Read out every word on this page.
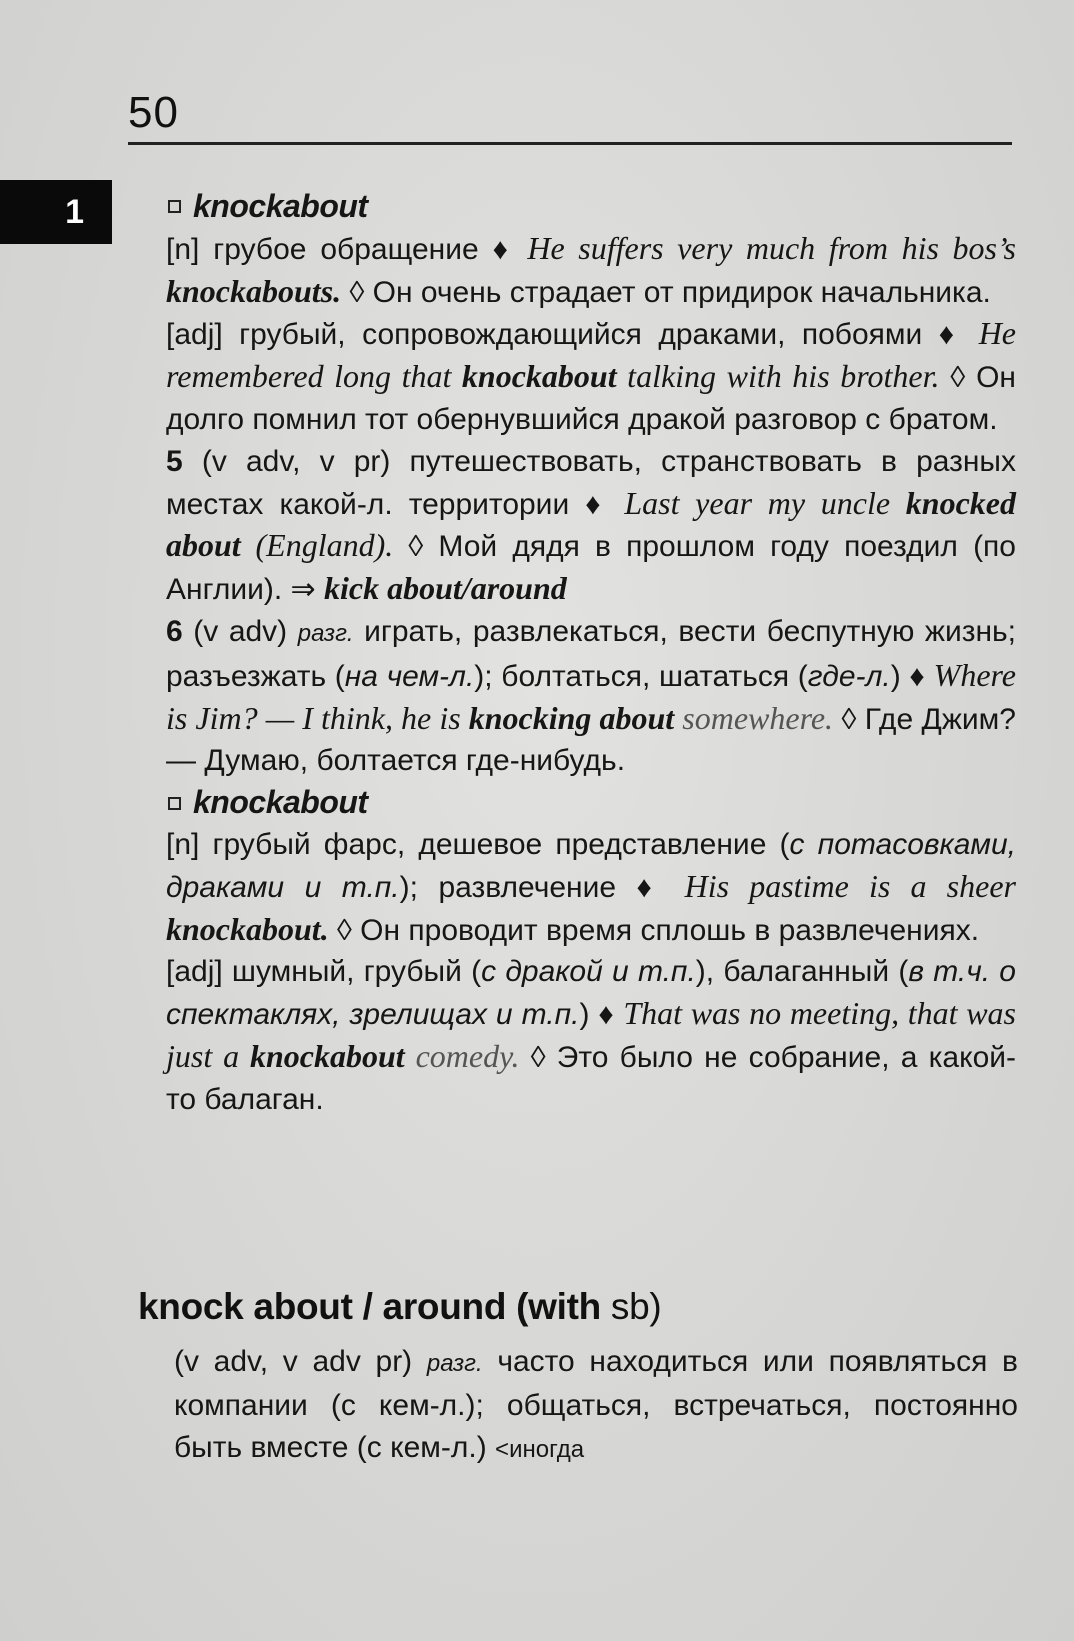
50
1	knockabout

[n] грубое обращение ♦ He suffers very much from his bos’s knockabouts. ◊ Он очень страдает от придирок начальника.

[adj] грубый, сопровождающийся драками, побоями ♦ He remembered long that knockabout talking with his brother. ◊ Он долго помнил тот обернувшийся дракой разговор с братом.

5 (v adv, v pr) путешествовать, странствовать в разных местах какой-л. территории ♦ Last year my uncle knocked about (England). ◊ Мой дядя в прошлом году поездил (по Англии). ⇒ kick about/around

6 (v adv) разг. играть, развлекаться, вести беспутную жизнь; разъезжать (на чем-л.); болтаться, шататься (где-л.) ♦ Where is Jim? — I think, he is knocking about somewhere. ◊ Где Джим? — Думаю, болтается где-нибудь.

knockabout

[n] грубый фарс, дешевое представление (с потасовками, драками и т.п.); развлечение ♦ His pastime is a sheer knockabout. ◊ Он проводит время сплошь в развлечениях.

[adj] шумный, грубый (с дракой и т.п.), балаганный (в т.ч. о спектаклях, зрелищах и т.п.) ♦ That was no meeting, that was just a knockabout comedy. ◊ Это было не собрание, а какой-то балаган.

knock about / around (with sb)

(v adv, v adv pr) разг. часто находиться или появляться в компании (с кем-л.); общаться, встречаться, постоянно быть вместе (с кем-л.) <иногда
